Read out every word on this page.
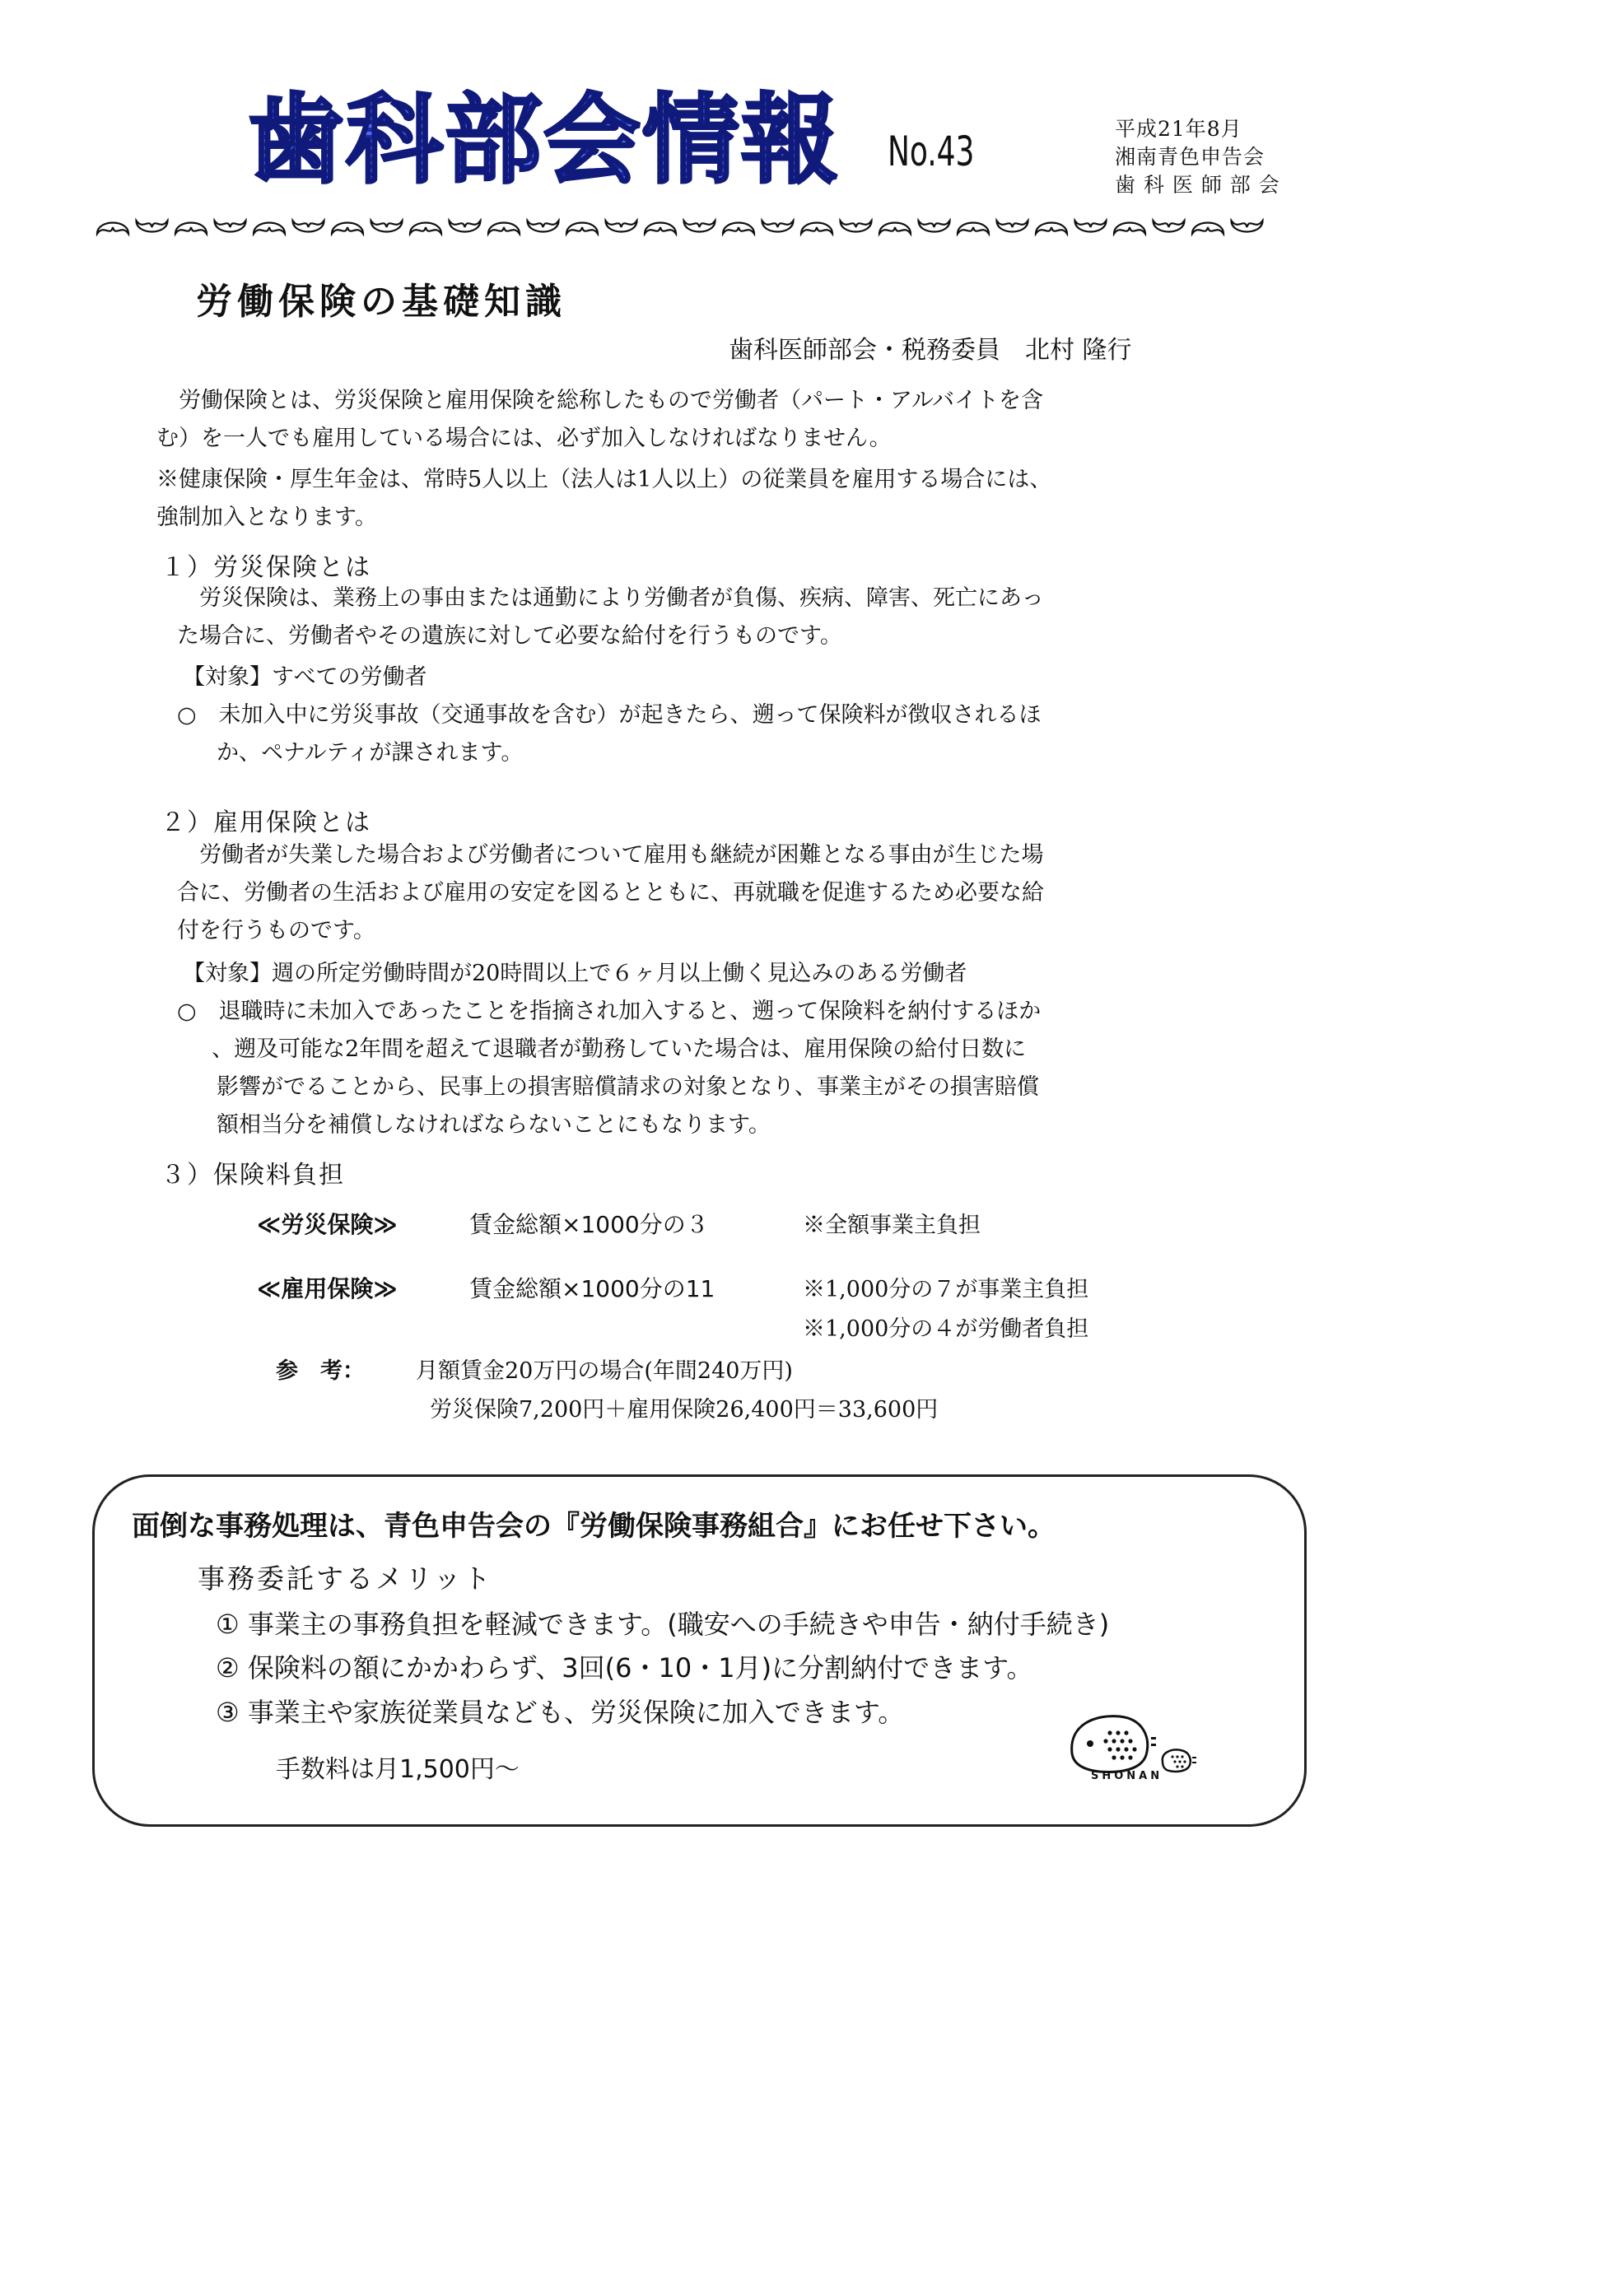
歯科部会情報 No.43	平成21年8月
湘南青色申告会
歯 科 医 師 部 会
労働保険の基礎知識
歯科医師部会・税務委員　北村 隆行
　労働保険とは、労災保険と雇用保険を総称したもので労働者（パート・アルバイトを含
む）を一人でも雇用している場合には、必ず加入しなければなりません。
※健康保険・厚生年金は、常時5人以上（法人は1人以上）の従業員を雇用する場合には、
強制加入となります。
１）労災保険とは
　労災保険は、業務上の事由または通勤により労働者が負傷、疾病、障害、死亡にあっ
た場合に、労働者やその遺族に対して必要な給付を行うものです。
【対象】すべての労働者
○　未加入中に労災事故（交通事故を含む）が起きたら、遡って保険料が徴収されるほ
か、ペナルティが課されます。
２）雇用保険とは
　労働者が失業した場合および労働者について雇用も継続が困難となる事由が生じた場
合に、労働者の生活および雇用の安定を図るとともに、再就職を促進するため必要な給
付を行うものです。
【対象】週の所定労働時間が20時間以上で６ヶ月以上働く見込みのある労働者
○　退職時に未加入であったことを指摘され加入すると、遡って保険料を納付するほか
、遡及可能な2年間を超えて退職者が勤務していた場合は、雇用保険の給付日数に
影響がでることから、民事上の損害賠償請求の対象となり、事業主がその損害賠償
額相当分を補償しなければならないことにもなります。
３）保険料負担
≪労災保険≫	賃金総額×1000分の３	※全額事業主負担
≪雇用保険≫	賃金総額×1000分の11	※1,000分の７が事業主負担
※1,000分の４が労働者負担
参　考： 月額賃金20万円の場合(年間240万円)
労災保険7,200円＋雇用保険26,400円＝33,600円
面倒な事務処理は、青色申告会の『労働保険事務組合』にお任せ下さい。
事務委託するメリット
① 事業主の事務負担を軽減できます。(職安への手続きや申告・納付手続き)
② 保険料の額にかかわらず、3回(6・10・1月)に分割納付できます。
③ 事業主や家族従業員なども、労災保険に加入できます。
手数料は月1,500円～	SHONAN
